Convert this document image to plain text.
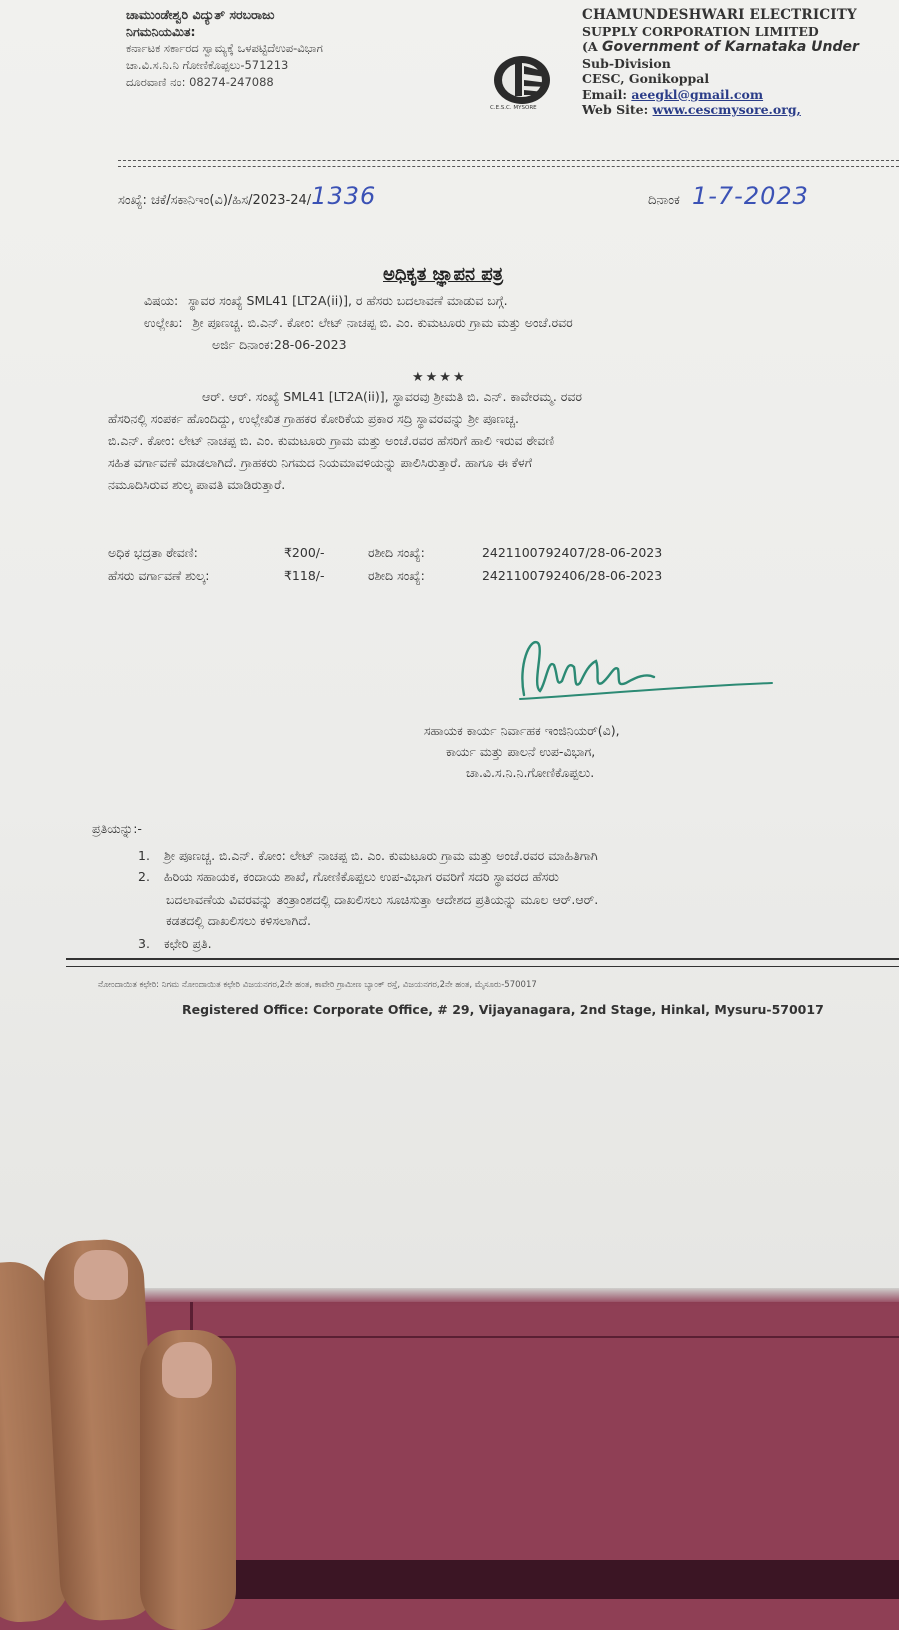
ಚಾಮುಂಡೇಶ್ವರಿ ವಿದ್ಯುತ್ ಸರಬರಾಜು
ನಿಗಮನಿಯಮಿತ:
ಕರ್ನಾಟಕ ಸರ್ಕಾರದ ಸ್ವಾಮ್ಯಕ್ಕೆ ಒಳಪಟ್ಟಿದೆಉಪ-ವಿಭಾಗ
ಚಾ.ವಿ.ಸ.ನಿ.ನಿ ಗೋಣಿಕೊಪ್ಪಲು-571213
ದೂರವಾಣಿ ನಂ: 08274-247088
C.E.S.C. MYSORE
CHAMUNDESHWARI ELECTRICITY
SUPPLY CORPORATION LIMITED
(A Government of Karnataka Under
Sub-Division
CESC, Gonikoppal
Email: aeegkl@gmail.com
Web Site: www.cescmysore.org,
ಸಂಖ್ಯೆ: ಚಕೆ/ಸಕಾನಿಇಂ(ವಿ)/ಹಿಸ/2023-24/1336	ದಿನಾಂಕ 1-7-2023
ಅಧಿಕೃತ ಜ್ಞಾಪನ ಪತ್ರ
ವಿಷಯ: ಸ್ಥಾವರ ಸಂಖ್ಯೆ SML41 [LT2A(ii)], ರ ಹೆಸರು ಬದಲಾವಣೆ ಮಾಡುವ ಬಗ್ಗೆ.
ಉಲ್ಲೇಖ: ಶ್ರೀ ಪೂಣಚ್ಚ. ಬಿ.ಎನ್. ಕೋಂ: ಲೇಟ್ ನಾಚಪ್ಪ ಬಿ. ಎಂ. ಕುಮಟೂರು ಗ್ರಾಮ ಮತ್ತು ಅಂಚೆ.ರವರ
ಅರ್ಜಿ ದಿನಾಂಕ:28-06-2023
★★★★
ಆರ್. ಆರ್. ಸಂಖ್ಯೆ SML41 [LT2A(ii)], ಸ್ಥಾವರವು ಶ್ರೀಮತಿ ಬಿ. ಎನ್. ಕಾವೇರಮ್ಮ. ರವರ
ಹೆಸರಿನಲ್ಲಿ ಸಂಪರ್ಕ ಹೊಂದಿದ್ದು, ಉಲ್ಲೇಖಿತ ಗ್ರಾಹಕರ ಕೋರಿಕೆಯ ಪ್ರಕಾರ ಸದ್ರಿ ಸ್ಥಾವರವನ್ನು ಶ್ರೀ ಪೂಣಚ್ಚ.
ಬಿ.ಎನ್. ಕೋಂ: ಲೇಟ್ ನಾಚಪ್ಪ ಬಿ. ಎಂ. ಕುಮಟೂರು ಗ್ರಾಮ ಮತ್ತು ಅಂಚೆ.ರವರ ಹೆಸರಿಗೆ ಹಾಲಿ ಇರುವ ಠೇವಣಿ
ಸಹಿತ ವರ್ಗಾವಣೆ ಮಾಡಲಾಗಿದೆ. ಗ್ರಾಹಕರು ನಿಗಮದ ನಿಯಮಾವಳಿಯನ್ನು ಪಾಲಿಸಿರುತ್ತಾರೆ. ಹಾಗೂ ಈ ಕೆಳಗೆ
ನಮೂದಿಸಿರುವ ಶುಲ್ಕ ಪಾವತಿ ಮಾಡಿರುತ್ತಾರೆ.
ಅಧಿಕ ಭದ್ರತಾ ಠೇವಣಿ:	₹200/-	ರಶೀದಿ ಸಂಖ್ಯೆ:	2421100792407/28-06-2023
ಹೆಸರು ವರ್ಗಾವಣೆ ಶುಲ್ಕ:	₹118/-	ರಶೀದಿ ಸಂಖ್ಯೆ:	2421100792406/28-06-2023
ಸಹಾಯಕ ಕಾರ್ಯ ನಿರ್ವಾಹಕ ಇಂಜಿನಿಯರ್(ವಿ),
ಕಾರ್ಯ ಮತ್ತು ಪಾಲನೆ ಉಪ-ವಿಭಾಗ,
ಚಾ.ವಿ.ಸ.ನಿ.ನಿ.ಗೋಣಿಕೊಪ್ಪಲು.
ಪ್ರತಿಯನ್ನು:-
1. ಶ್ರೀ ಪೂಣಚ್ಚ. ಬಿ.ಎನ್. ಕೋಂ: ಲೇಟ್ ನಾಚಪ್ಪ ಬಿ. ಎಂ. ಕುಮಟೂರು ಗ್ರಾಮ ಮತ್ತು ಅಂಚೆ.ರವರ ಮಾಹಿತಿಗಾಗಿ
2. ಹಿರಿಯ ಸಹಾಯಕ, ಕಂದಾಯ ಶಾಖೆ, ಗೋಣಿಕೊಪ್ಪಲು ಉಪ-ವಿಭಾಗ ರವರಿಗೆ ಸದರಿ ಸ್ಥಾವರದ ಹೆಸರು
ಬದಲಾವಣೆಯ ವಿವರವನ್ನು ತಂತ್ರಾಂಶದಲ್ಲಿ ದಾಖಲಿಸಲು ಸೂಚಿಸುತ್ತಾ ಆದೇಶದ ಪ್ರತಿಯನ್ನು ಮೂಲ ಆರ್.ಆರ್.
ಕಡತದಲ್ಲಿ ದಾಖಲಿಸಲು ಕಳಿಸಲಾಗಿದೆ.
3. ಕಛೇರಿ ಪ್ರತಿ.
ನೋಂದಾಯಿತ ಕಛೇರಿ: ನಿಗಮ ನೋಂದಾಯಿತ ಕಛೇರಿ ವಿಜಯನಗರ,2ನೇ ಹಂತ, ಕಾವೇರಿ ಗ್ರಾಮೀಣ ಬ್ಯಾಂಕ್ ರಸ್ತೆ, ವಿಜಯನಗರ,2ನೇ ಹಂತ, ಮೈಸೂರು-570017
Registered Office: Corporate Office, # 29, Vijayanagara, 2nd Stage, Hinkal, Mysuru-570017
